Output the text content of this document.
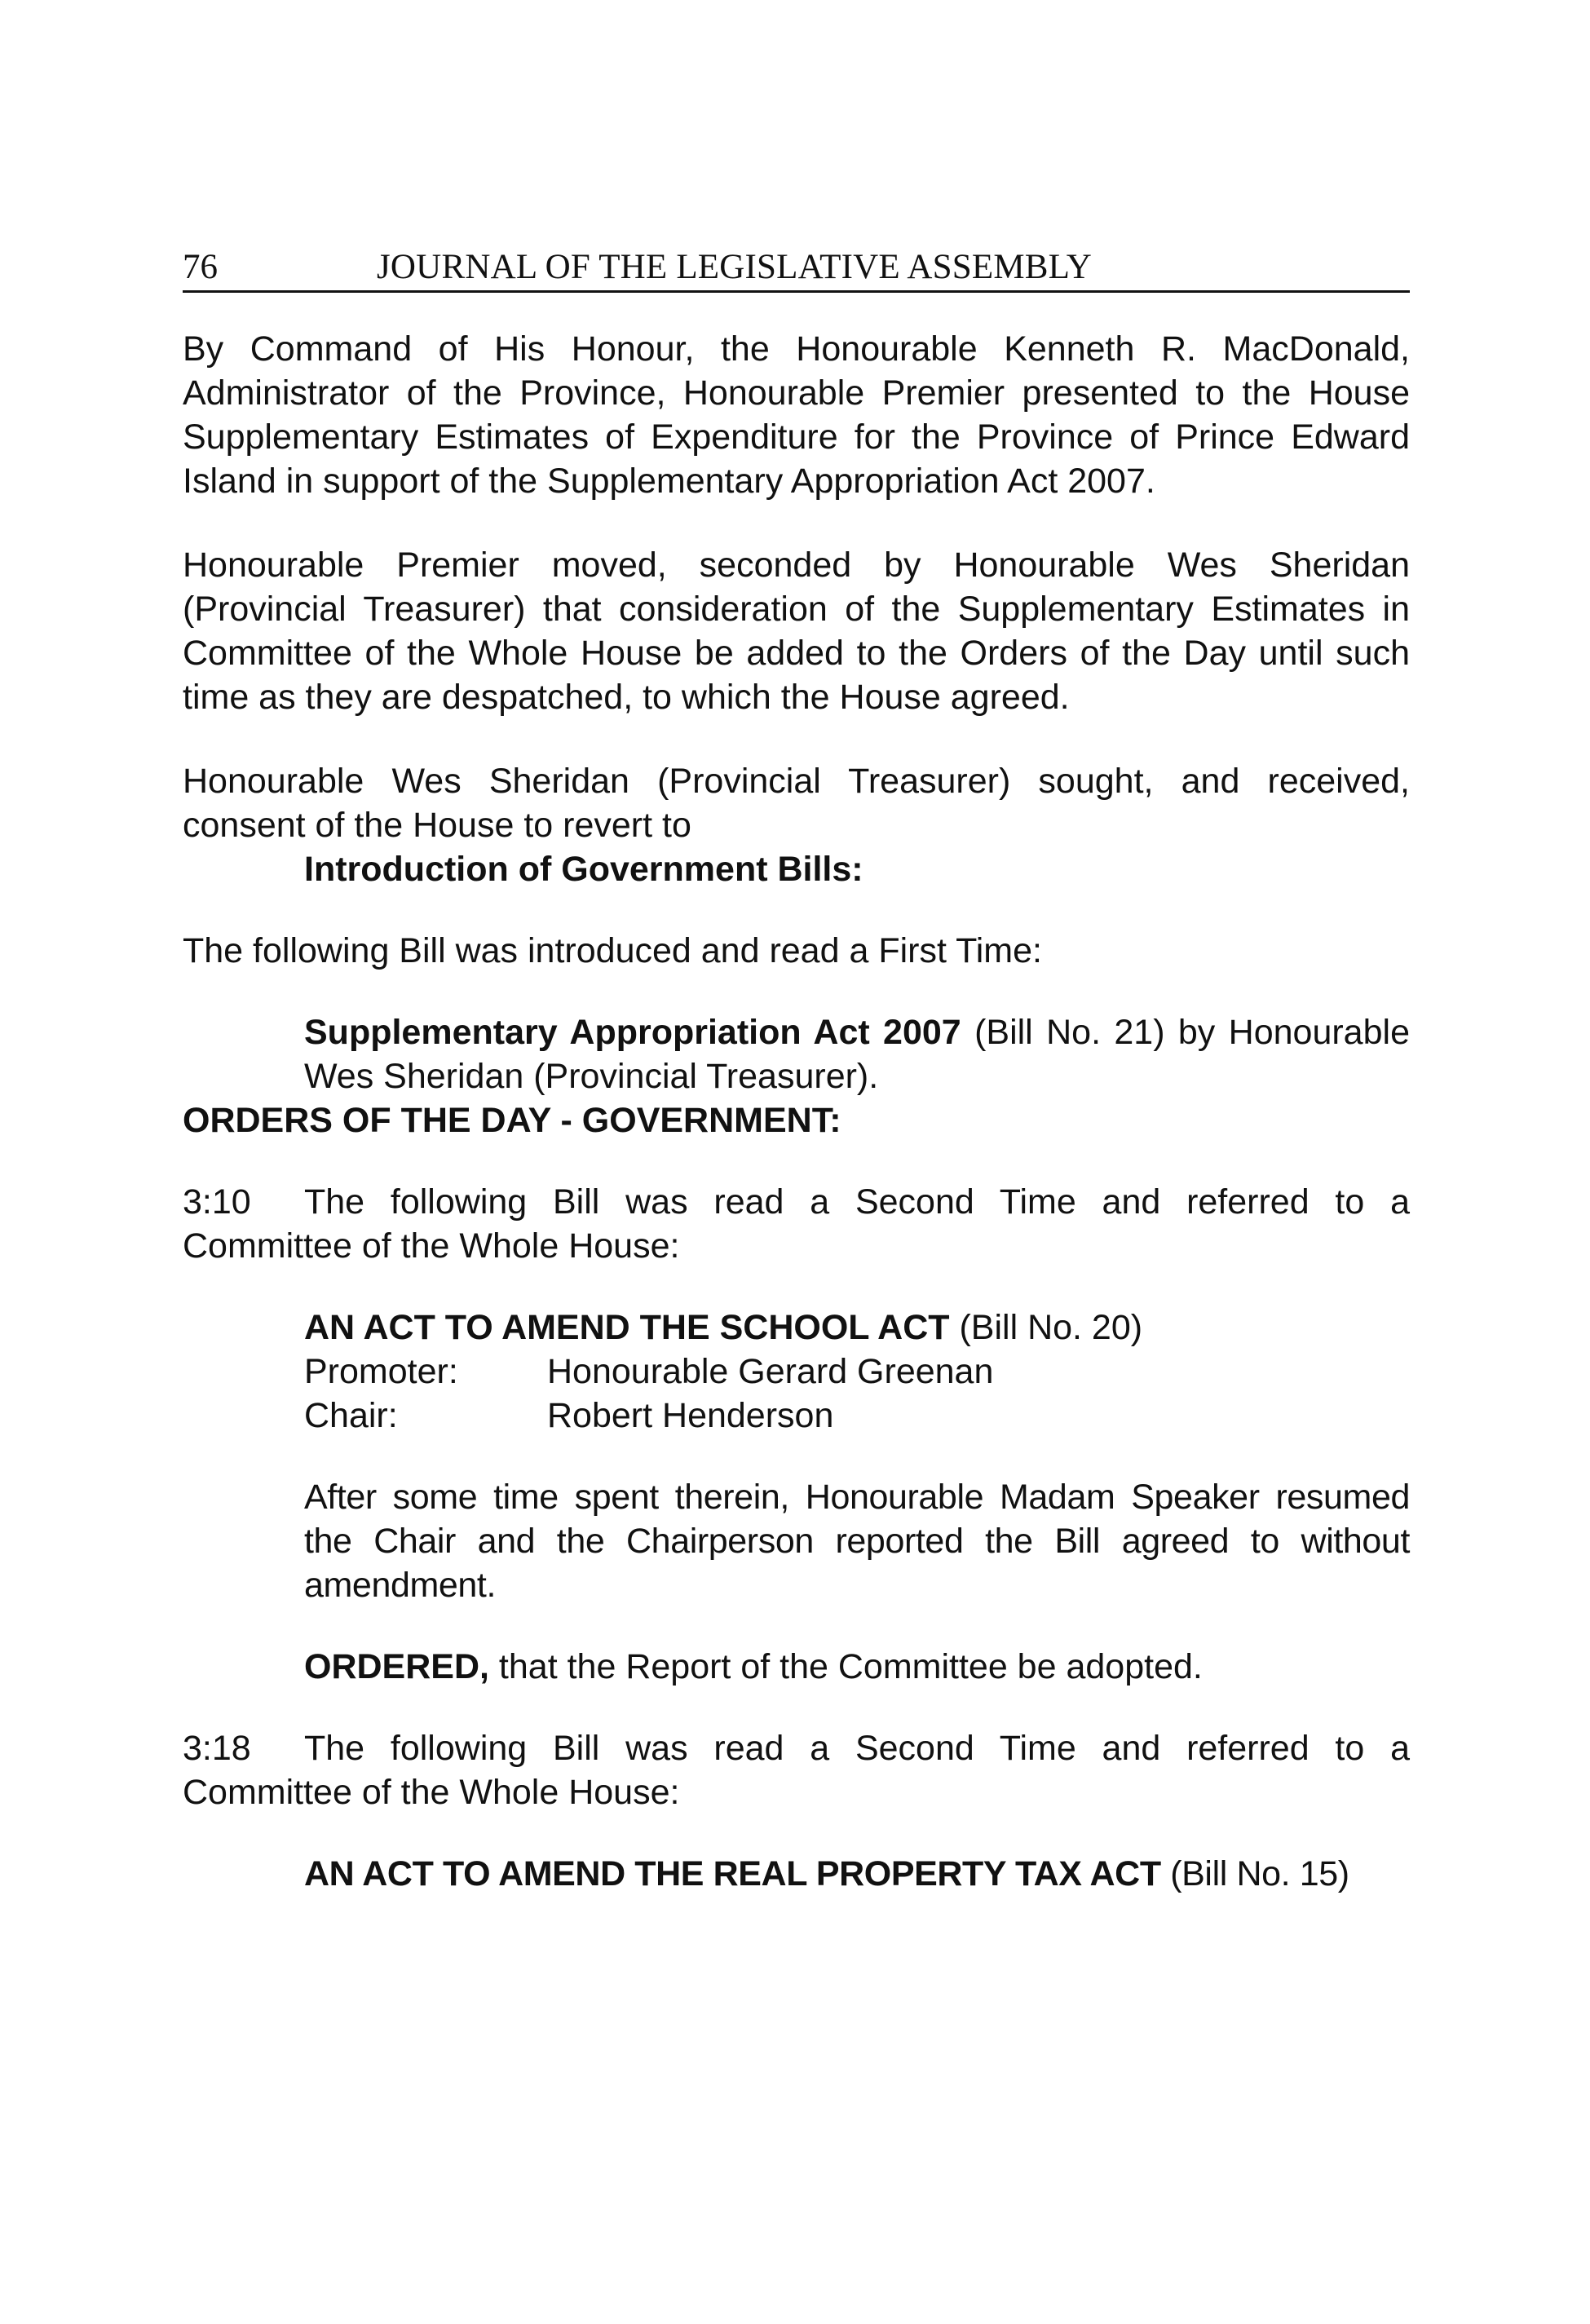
76	JOURNAL OF THE LEGISLATIVE ASSEMBLY

By Command of His Honour, the Honourable Kenneth R. MacDonald, Administrator of the Province, Honourable Premier presented to the House Supplementary Estimates of Expenditure for the Province of Prince Edward Island in support of the Supplementary Appropriation Act 2007.

Honourable Premier moved, seconded by Honourable Wes Sheridan (Provincial Treasurer) that consideration of the Supplementary Estimates in Committee of the Whole House be added to the Orders of the Day until such time as they are despatched, to which the House agreed.

Honourable Wes Sheridan (Provincial Treasurer) sought, and received, consent of the House to revert to

Introduction of Government Bills:

The following Bill was introduced and read a First Time:

Supplementary Appropriation Act 2007 (Bill No. 21) by Honourable Wes Sheridan (Provincial Treasurer).

ORDERS OF THE DAY - GOVERNMENT:

3:10 The following Bill was read a Second Time and referred to a Committee of the Whole House:

AN ACT TO AMEND THE SCHOOL ACT (Bill No. 20)

Promoter:	Honourable Gerard Greenan
Chair:	Robert Henderson

After some time spent therein, Honourable Madam Speaker resumed the Chair and the Chairperson reported the Bill agreed to without amendment.

ORDERED, that the Report of the Committee be adopted.

3:18 The following Bill was read a Second Time and referred to a Committee of the Whole House:

AN ACT TO AMEND THE REAL PROPERTY TAX ACT (Bill No. 15)
